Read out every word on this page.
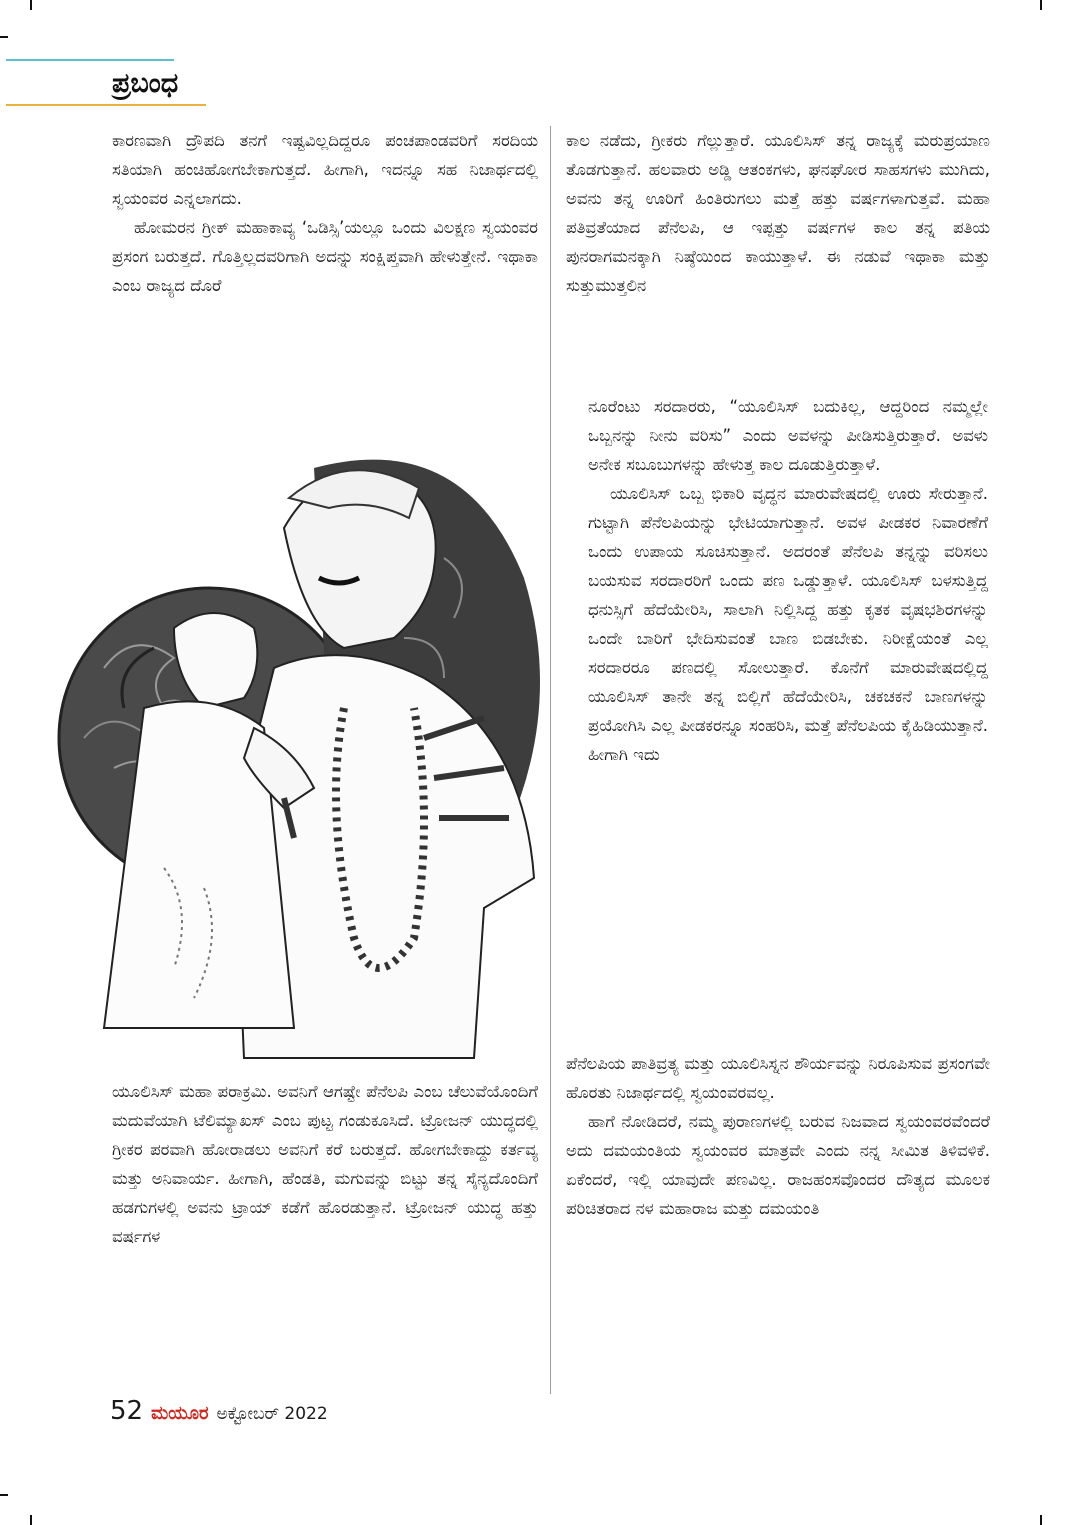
ಪ್ರಬಂಧ

ಕಾರಣವಾಗಿ ದ್ರೌಪದಿ ತನಗೆ ಇಷ್ಟವಿಲ್ಲದಿದ್ದರೂ ಪಂಚಪಾಂಡವರಿಗೆ ಸರದಿಯ ಸತಿಯಾಗಿ ಹಂಚಿಹೋಗಬೇಕಾಗುತ್ತದೆ. ಹೀಗಾಗಿ, ಇದನ್ನೂ ಸಹ ನಿಜಾರ್ಥದಲ್ಲಿ ಸ್ವಯಂವರ ಎನ್ನಲಾಗದು.

ಹೋಮರನ ಗ್ರೀಕ್ ಮಹಾಕಾವ್ಯ ‘ಒಡಿಸ್ಸಿ’ಯಲ್ಲೂ ಒಂದು ವಿಲಕ್ಷಣ ಸ್ವಯಂವರ ಪ್ರಸಂಗ ಬರುತ್ತದೆ. ಗೊತ್ತಿಲ್ಲದವರಿಗಾಗಿ ಅದನ್ನು ಸಂಕ್ಷಿಪ್ತವಾಗಿ ಹೇಳುತ್ತೇನೆ. ಇಥಾಕಾ ಎಂಬ ರಾಜ್ಯದ ದೊರೆ

ಯೂಲಿಸಿಸ್ ಮಹಾ ಪರಾಕ್ರಮಿ. ಅವನಿಗೆ ಆಗಷ್ಟೇ ಪೆನೆಲಪಿ ಎಂಬ ಚೆಲುವೆಯೊಂದಿಗೆ ಮದುವೆಯಾಗಿ ಟೆಲಿಮ್ಯಾಖಸ್ ಎಂಬ ಪುಟ್ಟ ಗಂಡುಕೂಸಿದೆ. ಟ್ರೋಜನ್ ಯುದ್ಧದಲ್ಲಿ ಗ್ರೀಕರ ಪರವಾಗಿ ಹೋರಾಡಲು ಅವನಿಗೆ ಕರೆ ಬರುತ್ತದೆ. ಹೋಗಬೇಕಾದ್ದು ಕರ್ತವ್ಯ ಮತ್ತು ಅನಿವಾರ್ಯ. ಹೀಗಾಗಿ, ಹೆಂಡತಿ, ಮಗುವನ್ನು ಬಿಟ್ಟು ತನ್ನ ಸೈನ್ಯದೊಂದಿಗೆ ಹಡಗುಗಳಲ್ಲಿ ಅವನು ಟ್ರಾಯ್ ಕಡೆಗೆ ಹೊರಡುತ್ತಾನೆ. ಟ್ರೋಜನ್ ಯುದ್ಧ ಹತ್ತು ವರ್ಷಗಳ

ಕಾಲ ನಡೆದು, ಗ್ರೀಕರು ಗೆಲ್ಲುತ್ತಾರೆ. ಯೂಲಿಸಿಸ್ ತನ್ನ ರಾಜ್ಯಕ್ಕೆ ಮರುಪ್ರಯಾಣ ತೊಡಗುತ್ತಾನೆ. ಹಲವಾರು ಅಡ್ಡಿ ಆತಂಕಗಳು, ಘನಘೋರ ಸಾಹಸಗಳು ಮುಗಿದು, ಅವನು ತನ್ನ ಊರಿಗೆ ಹಿಂತಿರುಗಲು ಮತ್ತೆ ಹತ್ತು ವರ್ಷಗಳಾಗುತ್ತವೆ. ಮಹಾ ಪತಿವ್ರತೆಯಾದ ಪೆನೆಲಪಿ, ಆ ಇಪ್ಪತ್ತು ವರ್ಷಗಳ ಕಾಲ ತನ್ನ ಪತಿಯ ಪುನರಾಗಮನಕ್ಕಾಗಿ ನಿಷ್ಠೆಯಿಂದ ಕಾಯುತ್ತಾಳೆ. ಈ ನಡುವೆ ಇಥಾಕಾ ಮತ್ತು ಸುತ್ತುಮುತ್ತಲಿನ

ನೂರೆಂಟು ಸರದಾರರು, “ಯೂಲಿಸಿಸ್ ಬದುಕಿಲ್ಲ, ಆದ್ದರಿಂದ ನಮ್ಮಲ್ಲೇ ಒಬ್ಬನನ್ನು ನೀನು ವರಿಸು” ಎಂದು ಅವಳನ್ನು ಪೀಡಿಸುತ್ತಿರುತ್ತಾರೆ. ಅವಳು ಅನೇಕ ಸಬೂಬುಗಳನ್ನು ಹೇಳುತ್ತ ಕಾಲ ದೂಡುತ್ತಿರುತ್ತಾಳೆ.

ಯೂಲಿಸಿಸ್ ಒಬ್ಬ ಭಿಕಾರಿ ವೃದ್ಧನ ಮಾರುವೇಷದಲ್ಲಿ ಊರು ಸೇರುತ್ತಾನೆ. ಗುಟ್ಟಾಗಿ ಪೆನೆಲಪಿಯನ್ನು ಭೇಟಿಯಾಗುತ್ತಾನೆ. ಅವಳ ಪೀಡಕರ ನಿವಾರಣೆಗೆ ಒಂದು ಉಪಾಯ ಸೂಚಿಸುತ್ತಾನೆ. ಅದರಂತೆ ಪೆನೆಲಪಿ ತನ್ನನ್ನು ವರಿಸಲು ಬಯಸುವ ಸರದಾರರಿಗೆ ಒಂದು ಪಣ ಒಡ್ಡುತ್ತಾಳೆ. ಯೂಲಿಸಿಸ್ ಬಳಸುತ್ತಿದ್ದ ಧನುಸ್ಸಿಗೆ ಹೆದೆಯೇರಿಸಿ, ಸಾಲಾಗಿ ನಿಲ್ಲಿಸಿದ್ದ ಹತ್ತು ಕೃತಕ ವೃಷಭಶಿರಗಳನ್ನು ಒಂದೇ ಬಾರಿಗೆ ಭೇದಿಸುವಂತೆ ಬಾಣ ಬಿಡಬೇಕು. ನಿರೀಕ್ಷೆಯಂತೆ ಎಲ್ಲ ಸರದಾರರೂ ಪಣದಲ್ಲಿ ಸೋಲುತ್ತಾರೆ. ಕೊನೆಗೆ ಮಾರುವೇಷದಲ್ಲಿದ್ದ ಯೂಲಿಸಿಸ್ ತಾನೇ ತನ್ನ ಬಿಲ್ಲಿಗೆ ಹೆದೆಯೇರಿಸಿ, ಚಕಚಕನೆ ಬಾಣಗಳನ್ನು ಪ್ರಯೋಗಿಸಿ ಎಲ್ಲ ಪೀಡಕರನ್ನೂ ಸಂಹರಿಸಿ, ಮತ್ತೆ ಪೆನೆಲಪಿಯ ಕೈಹಿಡಿಯುತ್ತಾನೆ. ಹೀಗಾಗಿ ಇದು

ಪೆನೆಲಪಿಯ ಪಾತಿವ್ರತ್ಯ ಮತ್ತು ಯೂಲಿಸಿಸ್ನನ ಶೌರ್ಯವನ್ನು ನಿರೂಪಿಸುವ ಪ್ರಸಂಗವೇ ಹೊರತು ನಿಜಾರ್ಥದಲ್ಲಿ ಸ್ವಯಂವರವಲ್ಲ.

ಹಾಗೆ ನೋಡಿದರೆ, ನಮ್ಮ ಪುರಾಣಗಳಲ್ಲಿ ಬರುವ ನಿಜವಾದ ಸ್ವಯಂವರವೆಂದರೆ ಅದು ದಮಯಂತಿಯ ಸ್ವಯಂವರ ಮಾತ್ರವೇ ಎಂದು ನನ್ನ ಸೀಮಿತ ತಿಳಿವಳಿಕೆ. ಏಕೆಂದರೆ, ಇಲ್ಲಿ ಯಾವುದೇ ಪಣವಿಲ್ಲ. ರಾಜಹಂಸವೊಂದರ ದೌತ್ಯದ ಮೂಲಕ ಪರಿಚಿತರಾದ ನಳ ಮಹಾರಾಜ ಮತ್ತು ದಮಯಂತಿ

52 ಮಯೂರ ಅಕ್ಟೋಬರ್ 2022
